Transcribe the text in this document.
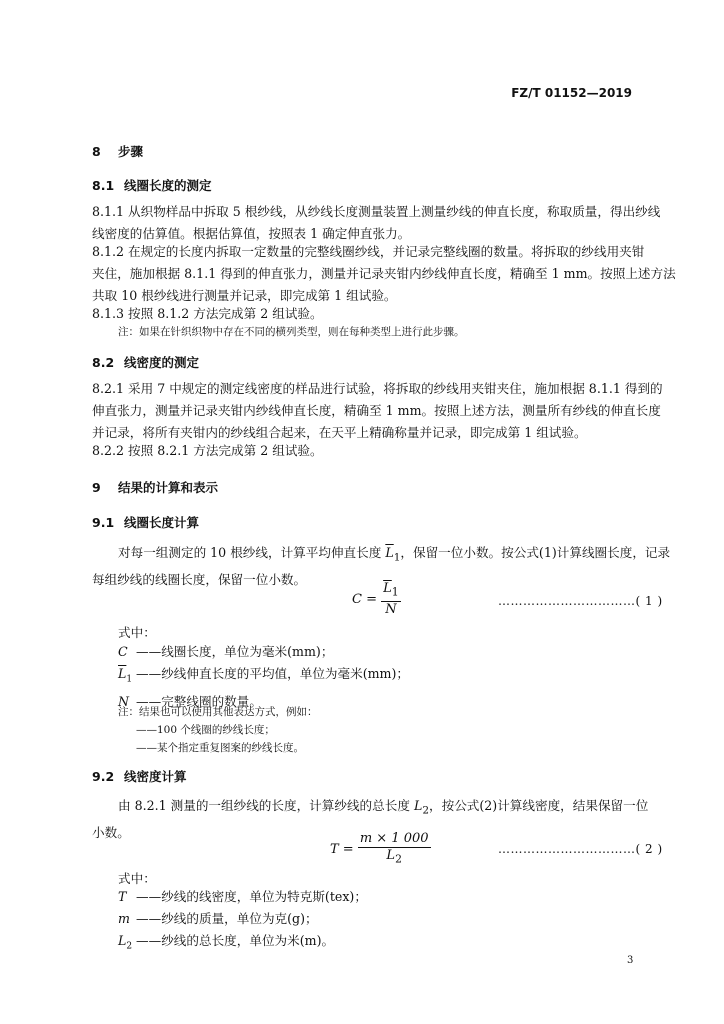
FZ/T 01152—2019
8 步骤
8.1 线圈长度的测定
8.1.1 从织物样品中拆取 5 根纱线，从纱线长度测量装置上测量纱线的伸直长度，称取质量，得出纱线
线密度的估算值。根据估算值，按照表 1 确定伸直张力。
8.1.2 在规定的长度内拆取一定数量的完整线圈纱线，并记录完整线圈的数量。将拆取的纱线用夹钳
夹住，施加根据 8.1.1 得到的伸直张力，测量并记录夹钳内纱线伸直长度，精确至 1 mm。按照上述方法
共取 10 根纱线进行测量并记录，即完成第 1 组试验。
8.1.3 按照 8.1.2 方法完成第 2 组试验。
注：如果在针织织物中存在不同的横列类型，则在每种类型上进行此步骤。
8.2 线密度的测定
8.2.1 采用 7 中规定的测定线密度的样品进行试验，将拆取的纱线用夹钳夹住，施加根据 8.1.1 得到的
伸直张力，测量并记录夹钳内纱线伸直长度，精确至 1 mm。按照上述方法，测量所有纱线的伸直长度
并记录，将所有夹钳内的纱线组合起来，在天平上精确称量并记录，即完成第 1 组试验。
8.2.2 按照 8.2.1 方法完成第 2 组试验。
9 结果的计算和表示
9.1 线圈长度计算
对每一组测定的 10 根纱线，计算平均伸直长度 $\overline{L}_1$，保留一位小数。按公式(1)计算线圈长度，记录
每组纱线的线圈长度，保留一位小数。
$C = \frac{\overline{L}_1}{N}$	……………………………( 1 )
式中：
C ——线圈长度，单位为毫米(mm)；
$\overline{L}_1$ ——纱线伸直长度的平均值，单位为毫米(mm)；
N ——完整线圈的数量。
注：结果也可以使用其他表达方式，例如：
——100 个线圈的纱线长度；
——某个指定重复图案的纱线长度。
9.2 线密度计算
由 8.2.1 测量的一组纱线的长度，计算纱线的总长度 $L_2$，按公式(2)计算线密度，结果保留一位
小数。
$T = \frac{m \times 1 000}{L_2}$	……………………………( 2 )
式中：
T ——纱线的线密度，单位为特克斯(tex)；
m ——纱线的质量，单位为克(g)；
$L_2$ ——纱线的总长度，单位为米(m)。
3
